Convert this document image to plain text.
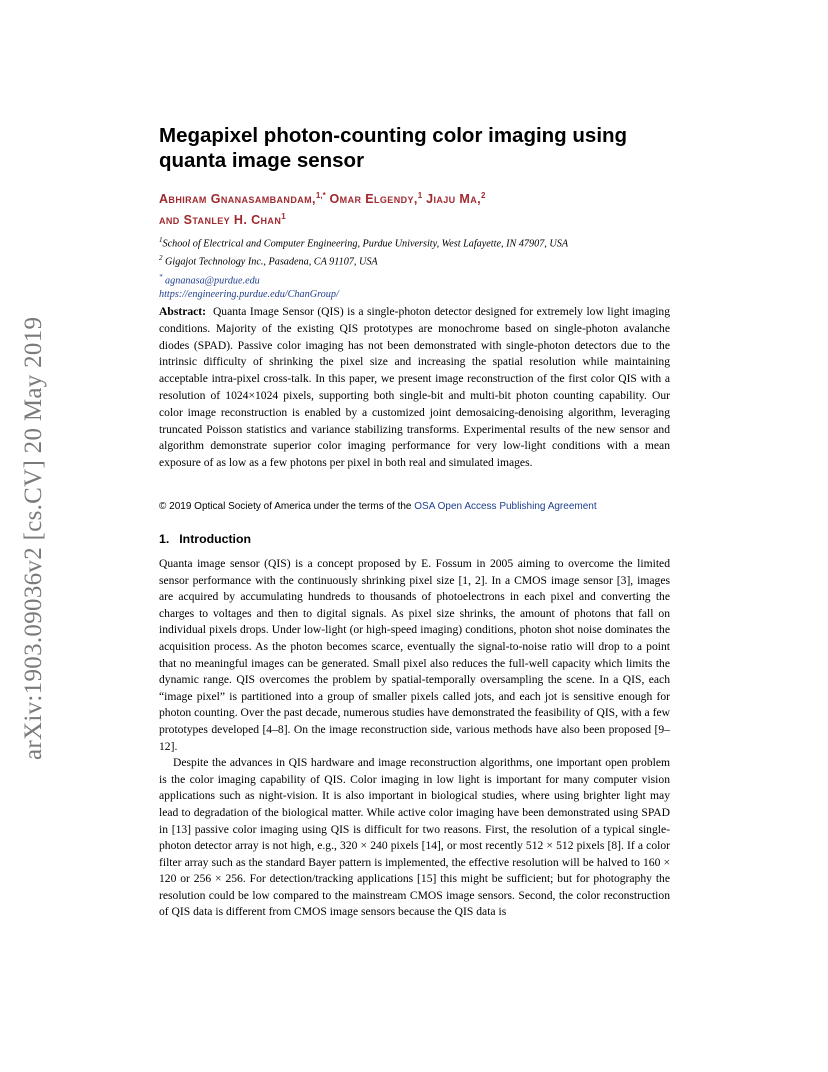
arXiv:1903.09036v2 [cs.CV] 20 May 2019
Megapixel photon-counting color imaging using quanta image sensor
Abhiram Gnanasambandam,$^{1,*}$ Omar Elgendy,$^1$ Jiaju Ma,$^2$
and Stanley H. Chan$^1$
$^1$School of Electrical and Computer Engineering, Purdue University, West Lafayette, IN 47907, USA
$^2$ Gigajot Technology Inc., Pasadena, CA 91107, USA
* agnanasa@purdue.edu
https://engineering.purdue.edu/ChanGroup/

Abstract: Quanta Image Sensor (QIS) is a single-photon detector designed for extremely low light imaging conditions. Majority of the existing QIS prototypes are monochrome based on single-photon avalanche diodes (SPAD). Passive color imaging has not been demonstrated with single-photon detectors due to the intrinsic difficulty of shrinking the pixel size and increasing the spatial resolution while maintaining acceptable intra-pixel cross-talk. In this paper, we present image reconstruction of the first color QIS with a resolution of 1024×1024 pixels, supporting both single-bit and multi-bit photon counting capability. Our color image reconstruction is enabled by a customized joint demosaicing-denoising algorithm, leveraging truncated Poisson statistics and variance stabilizing transforms. Experimental results of the new sensor and algorithm demonstrate superior color imaging performance for very low-light conditions with a mean exposure of as low as a few photons per pixel in both real and simulated images.

© 2019 Optical Society of America under the terms of the OSA Open Access Publishing Agreement
1. Introduction

Quanta image sensor (QIS) is a concept proposed by E. Fossum in 2005 aiming to overcome the limited sensor performance with the continuously shrinking pixel size [1, 2]. In a CMOS image sensor [3], images are acquired by accumulating hundreds to thousands of photoelectrons in each pixel and converting the charges to voltages and then to digital signals. As pixel size shrinks, the amount of photons that fall on individual pixels drops. Under low-light (or high-speed imaging) conditions, photon shot noise dominates the acquisition process. As the photon becomes scarce, eventually the signal-to-noise ratio will drop to a point that no meaningful images can be generated. Small pixel also reduces the full-well capacity which limits the dynamic range. QIS overcomes the problem by spatial-temporally oversampling the scene. In a QIS, each “image pixel” is partitioned into a group of smaller pixels called jots, and each jot is sensitive enough for photon counting. Over the past decade, numerous studies have demonstrated the feasibility of QIS, with a few prototypes developed [4–8]. On the image reconstruction side, various methods have also been proposed [9–12].

Despite the advances in QIS hardware and image reconstruction algorithms, one important open problem is the color imaging capability of QIS. Color imaging in low light is important for many computer vision applications such as night-vision. It is also important in biological studies, where using brighter light may lead to degradation of the biological matter. While active color imaging have been demonstrated using SPAD in [13] passive color imaging using QIS is difficult for two reasons. First, the resolution of a typical single-photon detector array is not high, e.g., 320 × 240 pixels [14], or most recently 512 × 512 pixels [8]. If a color filter array such as the standard Bayer pattern is implemented, the effective resolution will be halved to 160 × 120 or 256 × 256. For detection/tracking applications [15] this might be sufficient; but for photography the resolution could be low compared to the mainstream CMOS image sensors. Second, the color reconstruction of QIS data is different from CMOS image sensors because the QIS data is
